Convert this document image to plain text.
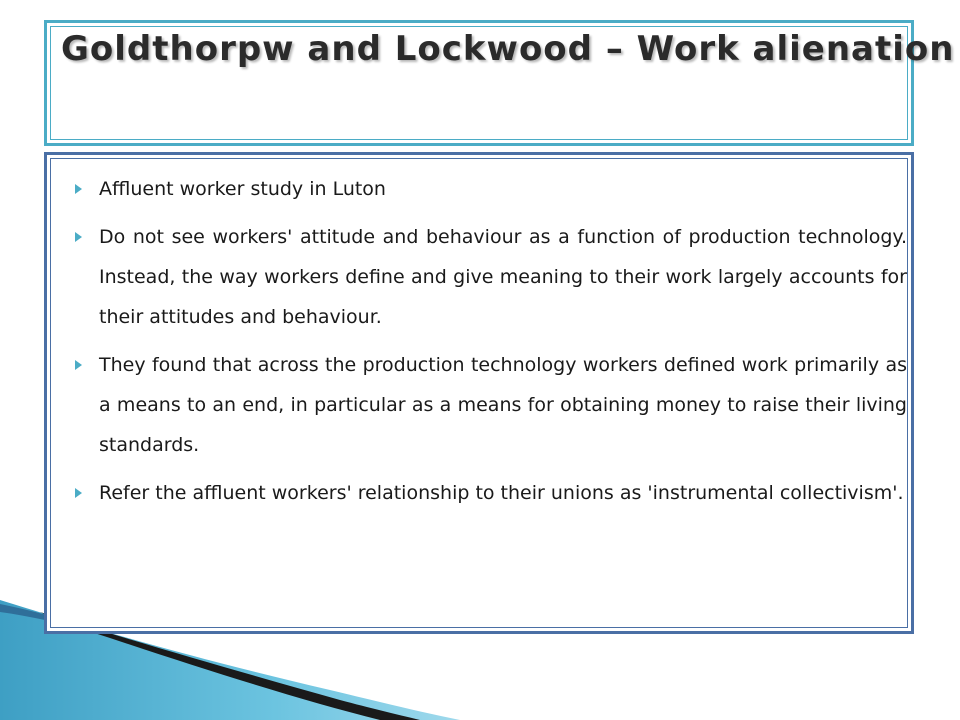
Goldthorpw and Lockwood – Work alienation
Affluent worker study in Luton
Do not see workers' attitude and behaviour as a function of production technology. Instead, the way workers define and give meaning to their work largely accounts for their attitudes and behaviour.
They found that across the production technology workers defined work primarily as a means to an end, in particular as a means for obtaining money to raise their living standards.
Refer the affluent workers' relationship to their unions as 'instrumental collectivism'.
